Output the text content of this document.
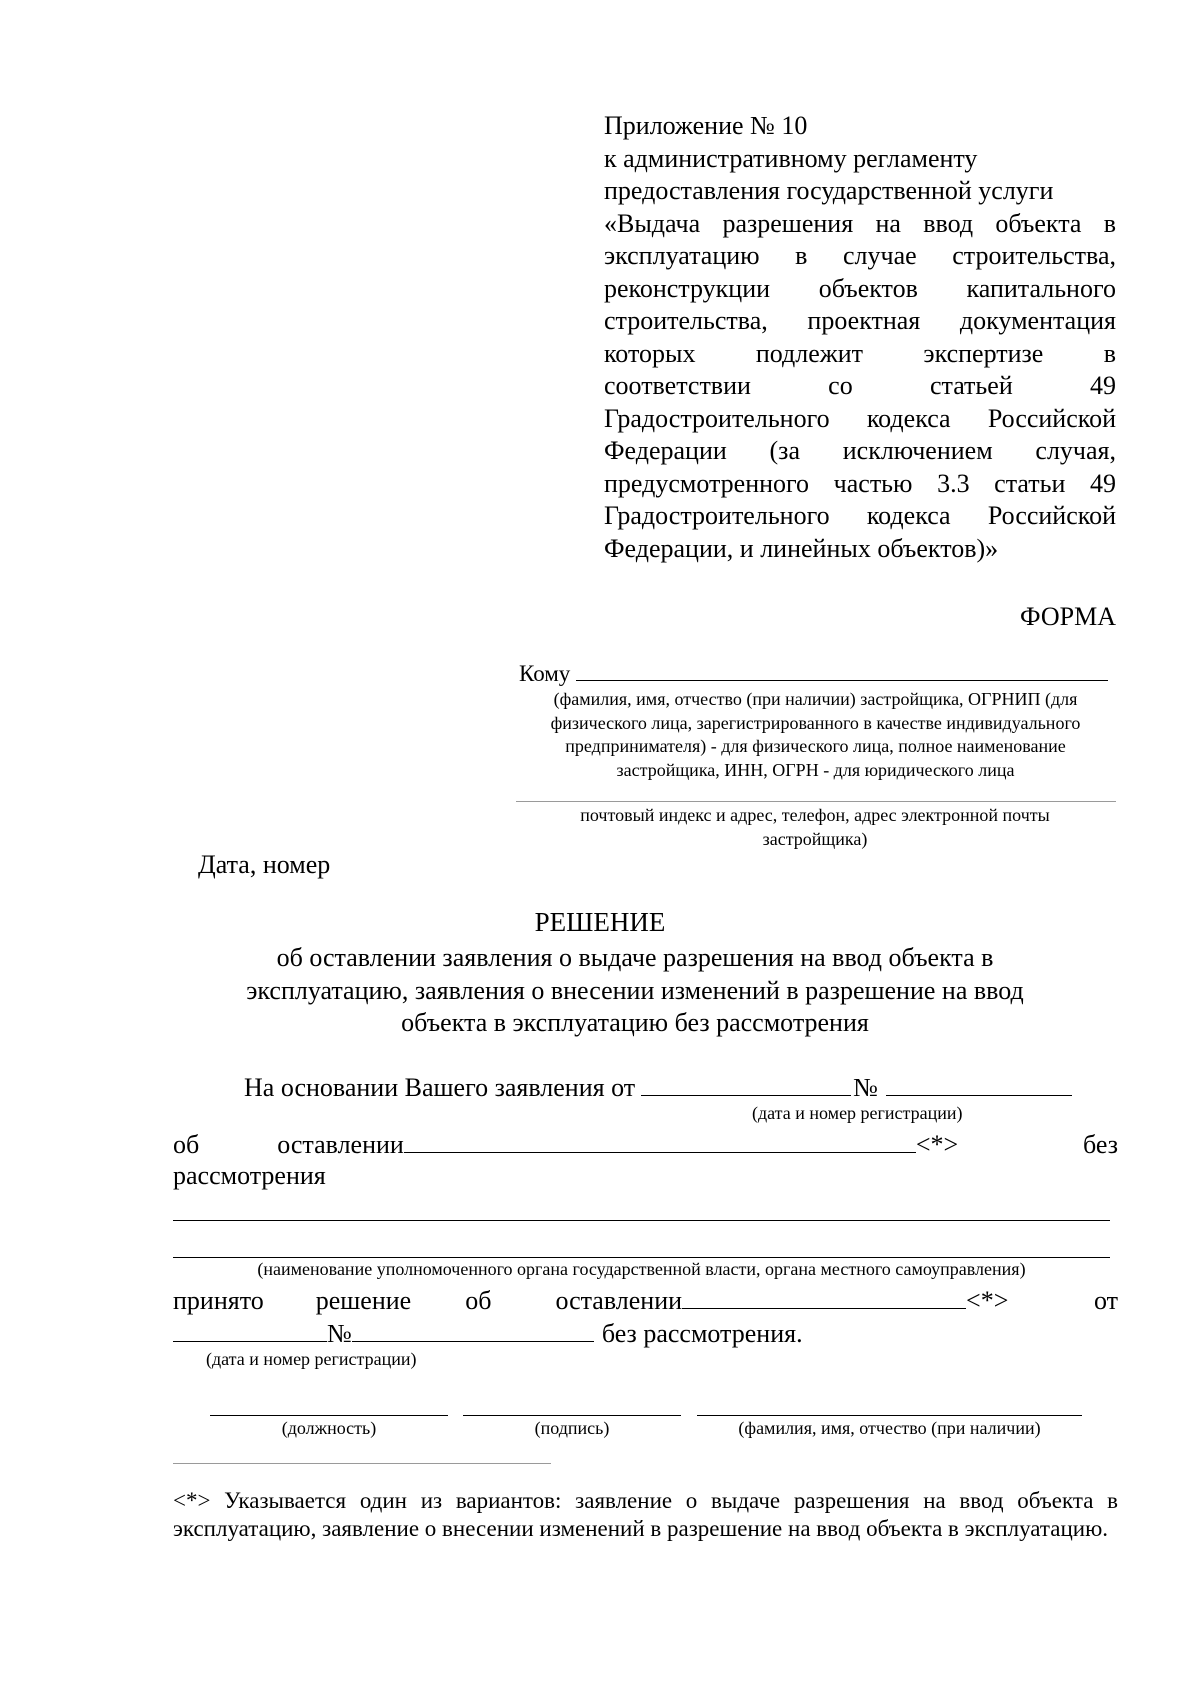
Приложение № 10
к административному регламенту
предоставления государственной услуги
«Выдача разрешения на ввод объекта в
эксплуатацию в случае строительства,
реконструкции объектов капитального
строительства, проектная документация
которых подлежит экспертизе в
соответствии со статьей 49
Градостроительного кодекса Российской
Федерации (за исключением случая,
предусмотренного частью 3.3 статьи 49
Градостроительного кодекса Российской
Федерации, и линейных объектов)»
ФОРМА
Кому
(фамилия, имя, отчество (при наличии) застройщика, ОГРНИП (для физического лица, зарегистрированного в качестве индивидуального предпринимателя) - для физического лица, полное наименование застройщика, ИНН, ОГРН - для юридического лица
почтовый индекс и адрес, телефон, адрес электронной почты застройщика)
Дата, номер
РЕШЕНИЕ
об оставлении заявления о выдаче разрешения на ввод объекта в эксплуатацию, заявления о внесении изменений в разрешение на ввод объекта в эксплуатацию без рассмотрения
На основании Вашего заявления от	№
(дата и номер регистрации)
об	оставлении	<*>	без
рассмотрения
(наименование уполномоченного органа государственной власти, органа местного самоуправления)
принято решение об оставлении	<*>	от
№	без рассмотрения.
(дата и номер регистрации)
(должность)	(подпись)	(фамилия, имя, отчество (при наличии)
<*> Указывается один из вариантов: заявление о выдаче разрешения на ввод объекта в эксплуатацию, заявление о внесении изменений в разрешение на ввод объекта в эксплуатацию.
